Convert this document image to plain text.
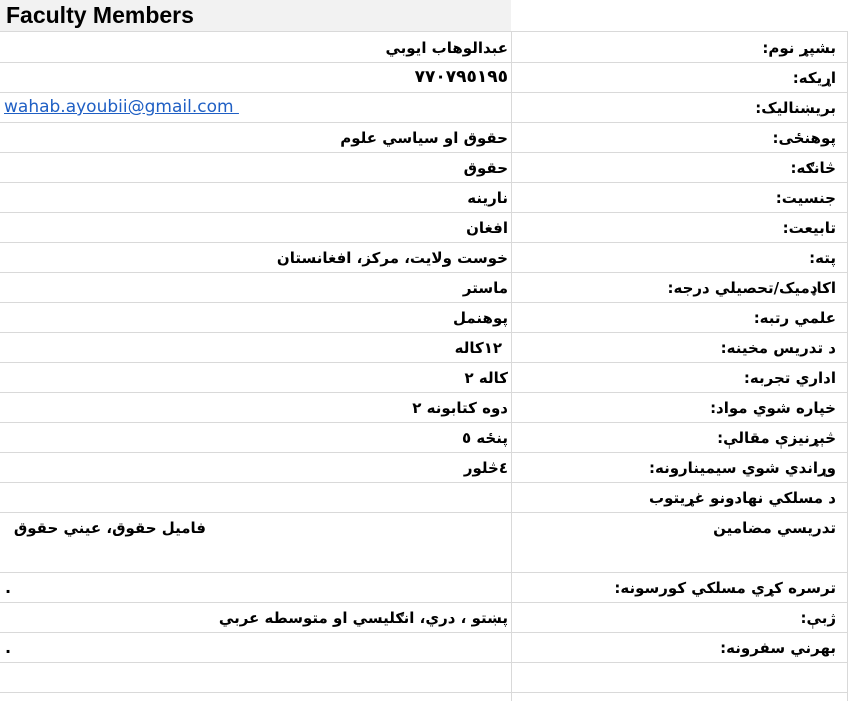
Faculty Members
بشپړ نوم:
عبدالوهاب ايوبي
اړيکه:
٧٧٠٧٩٥١٩٥
بريښناليک:
wahab.ayoubii@gmail.com
پوهنځی:
حقوق او سياسي علوم
څانګه:
حقوق
جنسيت:
نارينه
تابيعت:
افغان
پته:
خوست ولايت، مرکز، افغانستان
اکاډميک/تحصيلي درجه:
ماستر
علمي رتبه:
پوهنمل
د تدريس مخينه:
١٢کاله
اداري تجربه:
کاله ٢
خپاره شوي مواد:
دوه کتابونه ٢
څېړنيزې مقالې:
پنځه ٥
وړاندي شوي سيمينارونه:
٤څلور
د مسلکي نهادونو غړيتوب
تدريسي مضامين
فاميل حقوق، عيني حقوق
ترسره کړي مسلکي کورسونه:
.
ژبې:
پښتو ، دري، انګليسي او متوسطه عربي
بهرني سفرونه:
.
